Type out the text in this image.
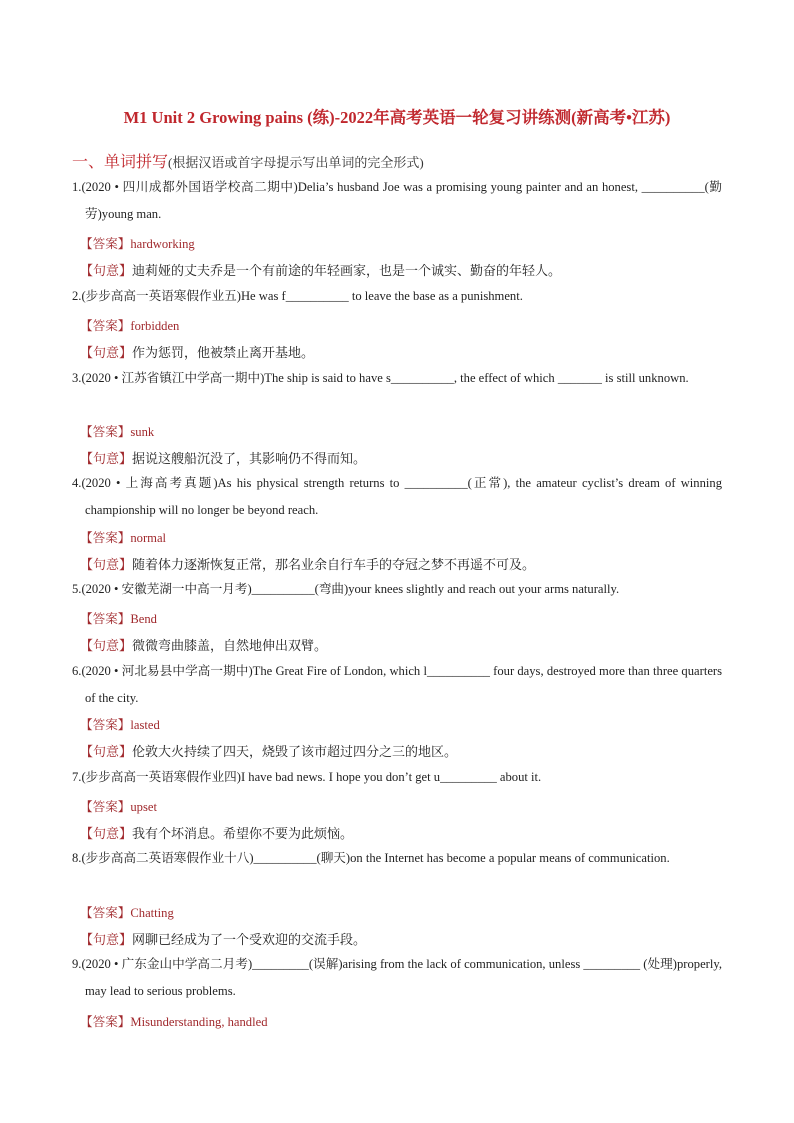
M1 Unit 2 Growing pains (练)-2022年高考英语一轮复习讲练测(新高考•江苏)
一、单词拼写(根据汉语或首字母提示写出单词的完全形式)

1.(2020 • 四川成都外国语学校高二期中)Delia’s husband Joe was a promising young painter and an honest, __________(勤劳)young man.

【答案】hardworking
【句意】迪莉娅的丈夫乔是一个有前途的年轻画家，也是一个诚实、勤奋的年轻人。

2.(步步高高一英语寒假作业五)He was f__________ to leave the base as a punishment.

【答案】forbidden
【句意】作为惩罚，他被禁止离开基地。

3.(2020 • 江苏省镇江中学高一期中)The ship is said to have s__________, the effect of which _______ is still unknown.

【答案】sunk
【句意】据说这艘船沉没了，其影响仍不得而知。

4.(2020 • 上海高考真题)As his physical strength returns to __________(正常), the amateur cyclist’s dream of winning championship will no longer be beyond reach.

【答案】normal
【句意】随着体力逐渐恢复正常，那名业余自行车手的夺冠之梦不再遥不可及。

5.(2020 • 安徽芜湖一中高一月考)__________(弯曲)your knees slightly and reach out your arms naturally.

【答案】Bend
【句意】微微弯曲膝盖，自然地伸出双臂。

6.(2020 • 河北易县中学高一期中)The Great Fire of London, which l__________ four days, destroyed more than three quarters of the city.

【答案】lasted
【句意】伦敦大火持续了四天，烧毁了该市超过四分之三的地区。

7.(步步高高一英语寒假作业四)I have bad news. I hope you don’t get u_________ about it.

【答案】upset
【句意】我有个坏消息。希望你不要为此烦恼。

8.(步步高高二英语寒假作业十八)__________(聊天)on the Internet has become a popular means of communication.

【答案】Chatting
【句意】网聊已经成为了一个受欢迎的交流手段。

9.(2020 • 广东金山中学高二月考)_________(误解)arising from the lack of communication, unless _________ (处理)properly, may lead to serious problems.

【答案】Misunderstanding, handled
